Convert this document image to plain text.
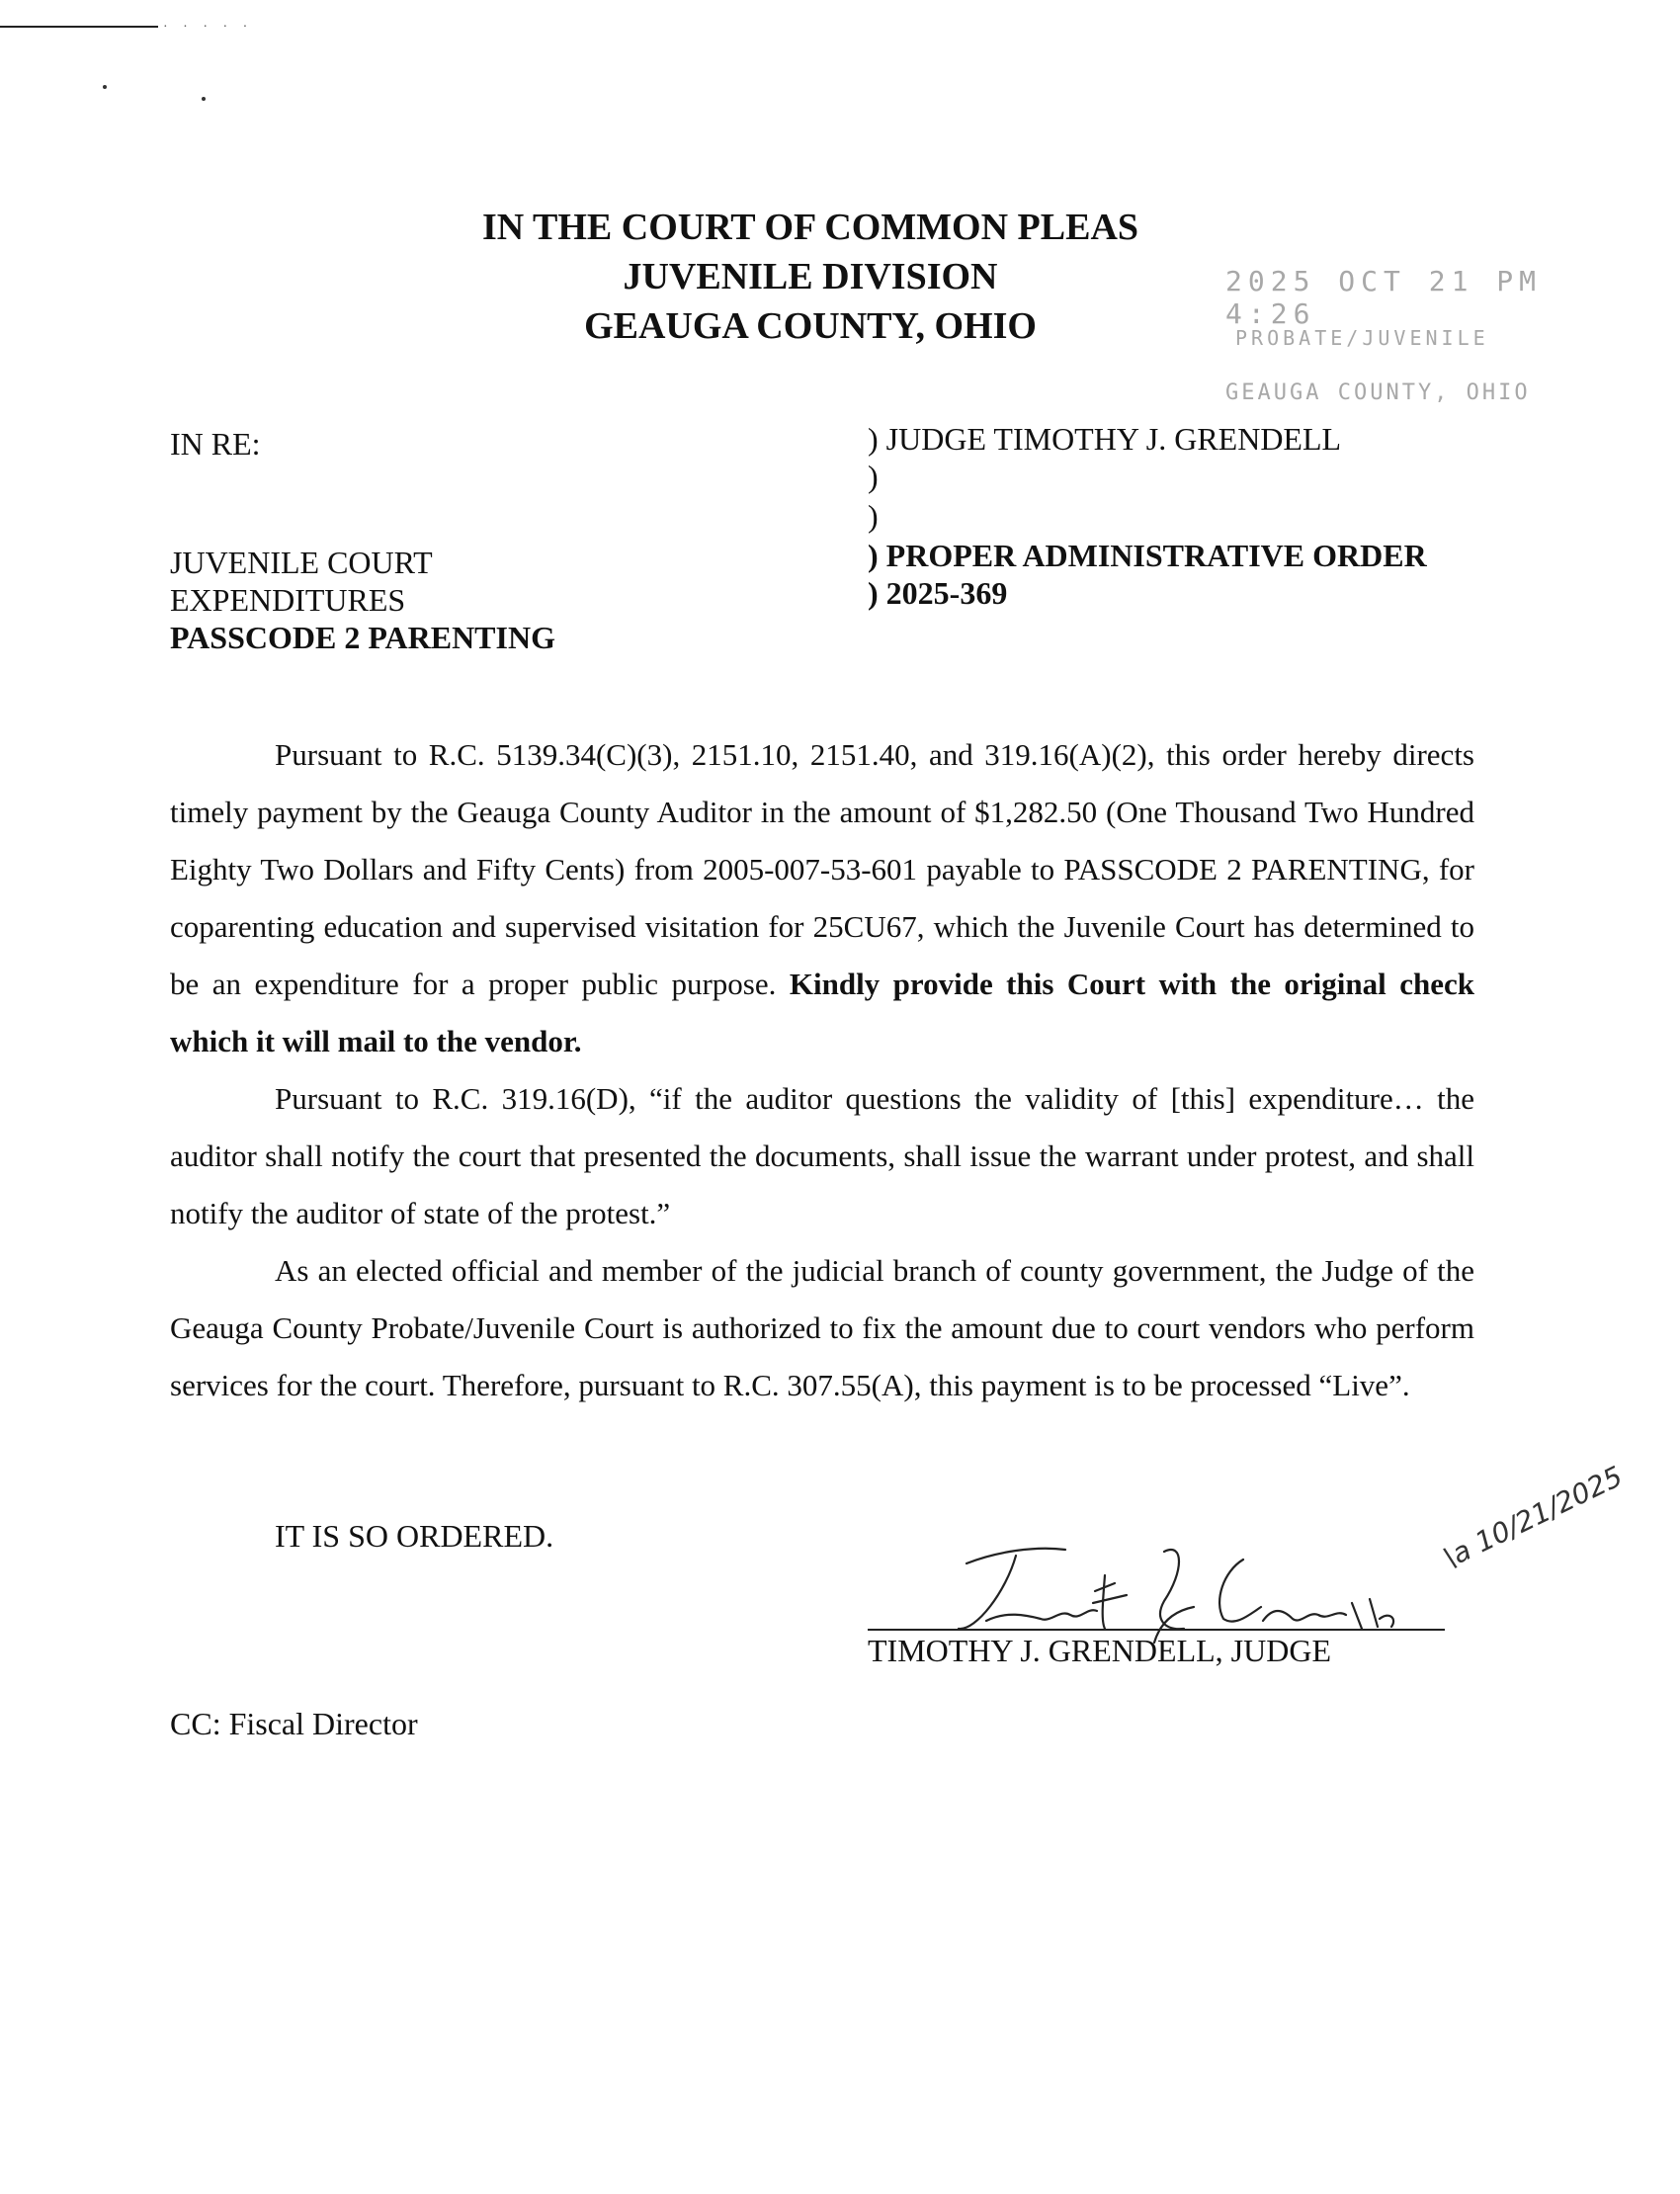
· · · · ·
IN THE COURT OF COMMON PLEAS
JUVENILE DIVISION
GEAUGA COUNTY, OHIO
2025 OCT 21 PM 4:26
PROBATE/JUVENILE
GEAUGA COUNTY, OHIO
IN RE:
JUVENILE COURT
EXPENDITURES
PASSCODE 2 PARENTING
) JUDGE TIMOTHY J. GRENDELL
)
)
) PROPER ADMINISTRATIVE ORDER
) 2025-369

Pursuant to R.C. 5139.34(C)(3), 2151.10, 2151.40, and 319.16(A)(2), this order hereby directs timely payment by the Geauga County Auditor in the amount of $1,282.50 (One Thousand Two Hundred Eighty Two Dollars and Fifty Cents) from 2005-007-53-601 payable to PASSCODE 2 PARENTING, for coparenting education and supervised visitation for 25CU67, which the Juvenile Court has determined to be an expenditure for a proper public purpose. Kindly provide this Court with the original check which it will mail to the vendor.

Pursuant to R.C. 319.16(D), “if the auditor questions the validity of [this] expenditure… the auditor shall notify the court that presented the documents, shall issue the warrant under protest, and shall notify the auditor of state of the protest.”

As an elected official and member of the judicial branch of county government, the Judge of the Geauga County Probate/Juvenile Court is authorized to fix the amount due to court vendors who perform services for the court. Therefore, pursuant to R.C. 307.55(A), this payment is to be processed “Live”.

IT IS SO ORDERED.
TIMOTHY J. GRENDELL, JUDGE
\a 10/21/2025
CC: Fiscal Director
